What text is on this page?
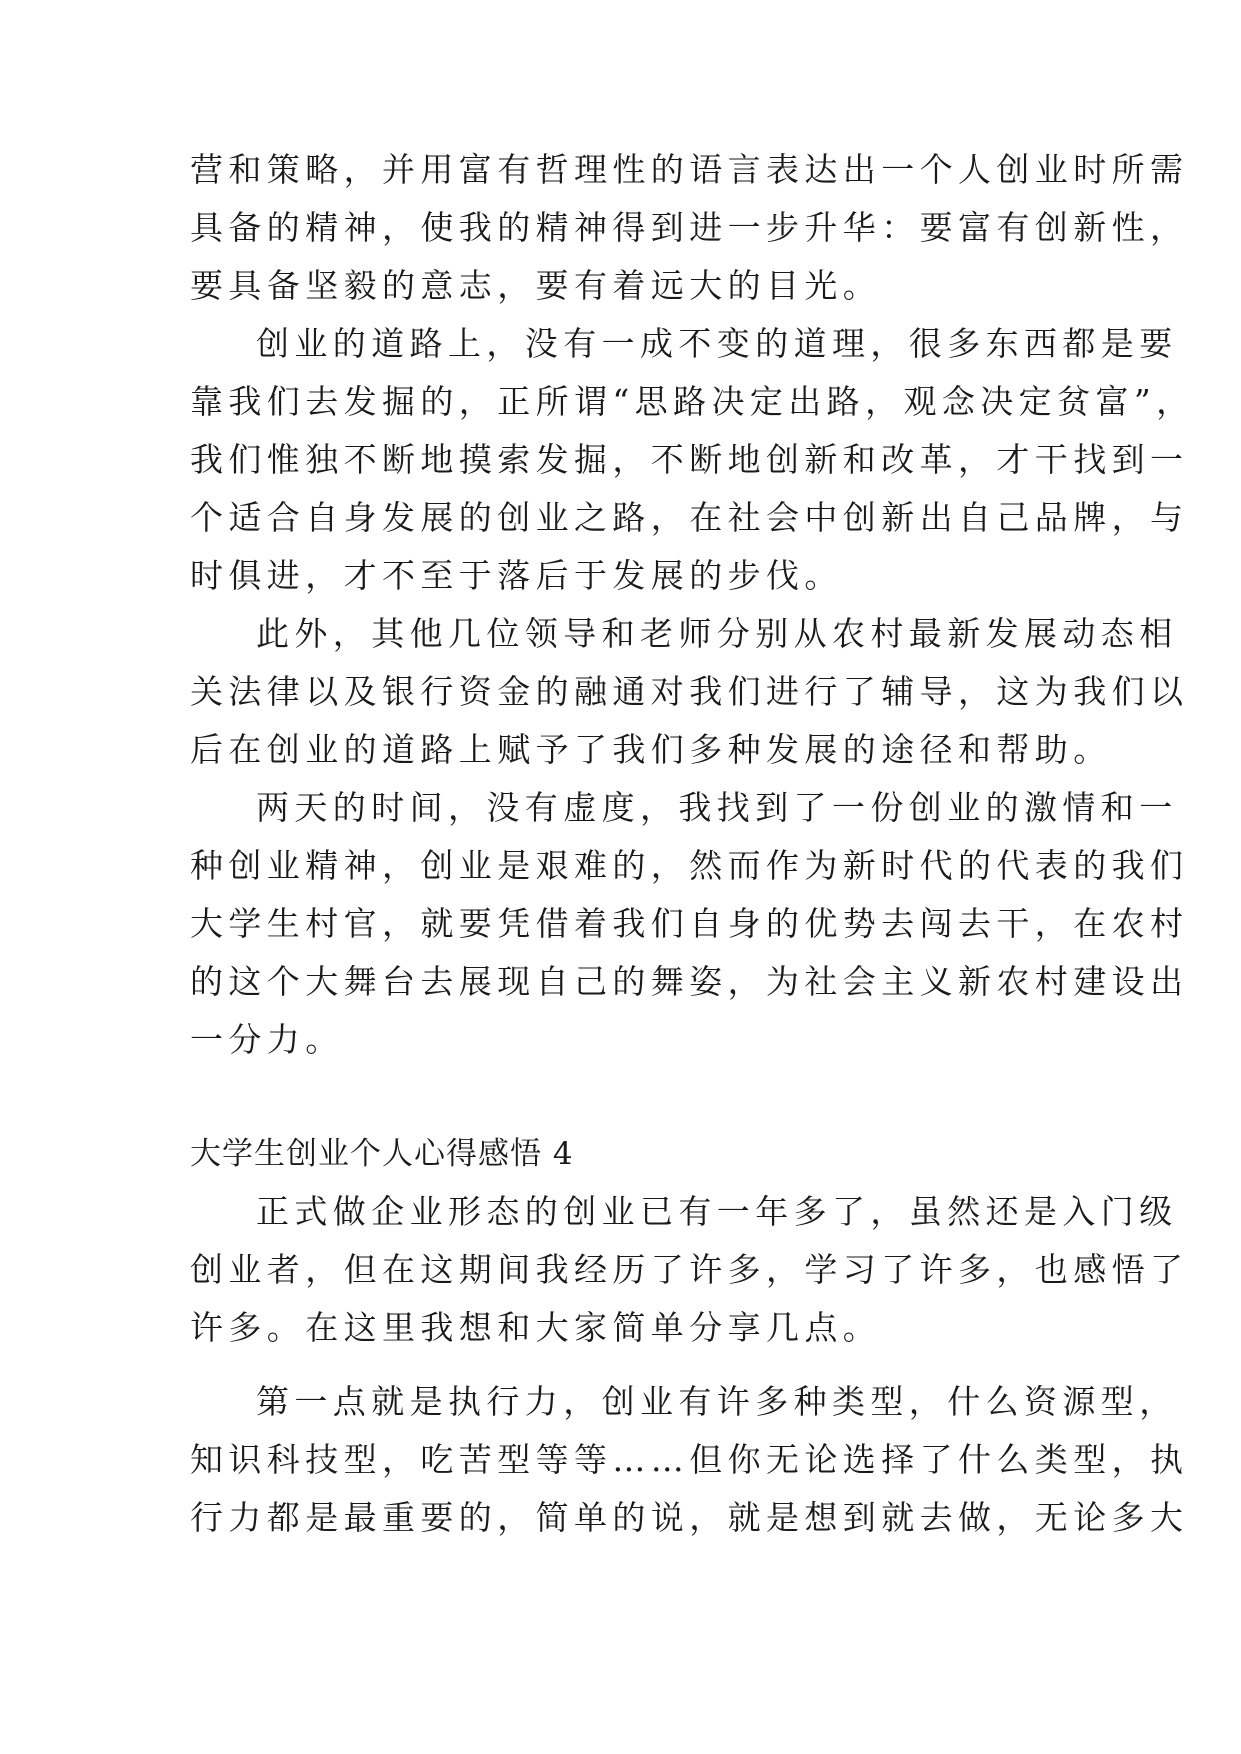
营和策略，并用富有哲理性的语言表达出一个人创业时所需
具备的精神，使我的精神得到进一步升华：要富有创新性，
要具备坚毅的意志，要有着远大的目光。
创业的道路上，没有一成不变的道理，很多东西都是要
靠我们去发掘的，正所谓“思路决定出路，观念决定贫富”，
我们惟独不断地摸索发掘，不断地创新和改革，才干找到一
个适合自身发展的创业之路，在社会中创新出自己品牌，与
时俱进，才不至于落后于发展的步伐。
此外，其他几位领导和老师分别从农村最新发展动态相
关法律以及银行资金的融通对我们进行了辅导，这为我们以
后在创业的道路上赋予了我们多种发展的途径和帮助。
两天的时间，没有虚度，我找到了一份创业的激情和一
种创业精神，创业是艰难的，然而作为新时代的代表的我们
大学生村官，就要凭借着我们自身的优势去闯去干，在农村
的这个大舞台去展现自己的舞姿，为社会主义新农村建设出
一分力。
大学生创业个人心得感悟 4
正式做企业形态的创业已有一年多了，虽然还是入门级
创业者，但在这期间我经历了许多，学习了许多，也感悟了
许多。在这里我想和大家简单分享几点。
第一点就是执行力，创业有许多种类型，什么资源型，
知识科技型，吃苦型等等……但你无论选择了什么类型，执
行力都是最重要的，简单的说，就是想到就去做，无论多大
